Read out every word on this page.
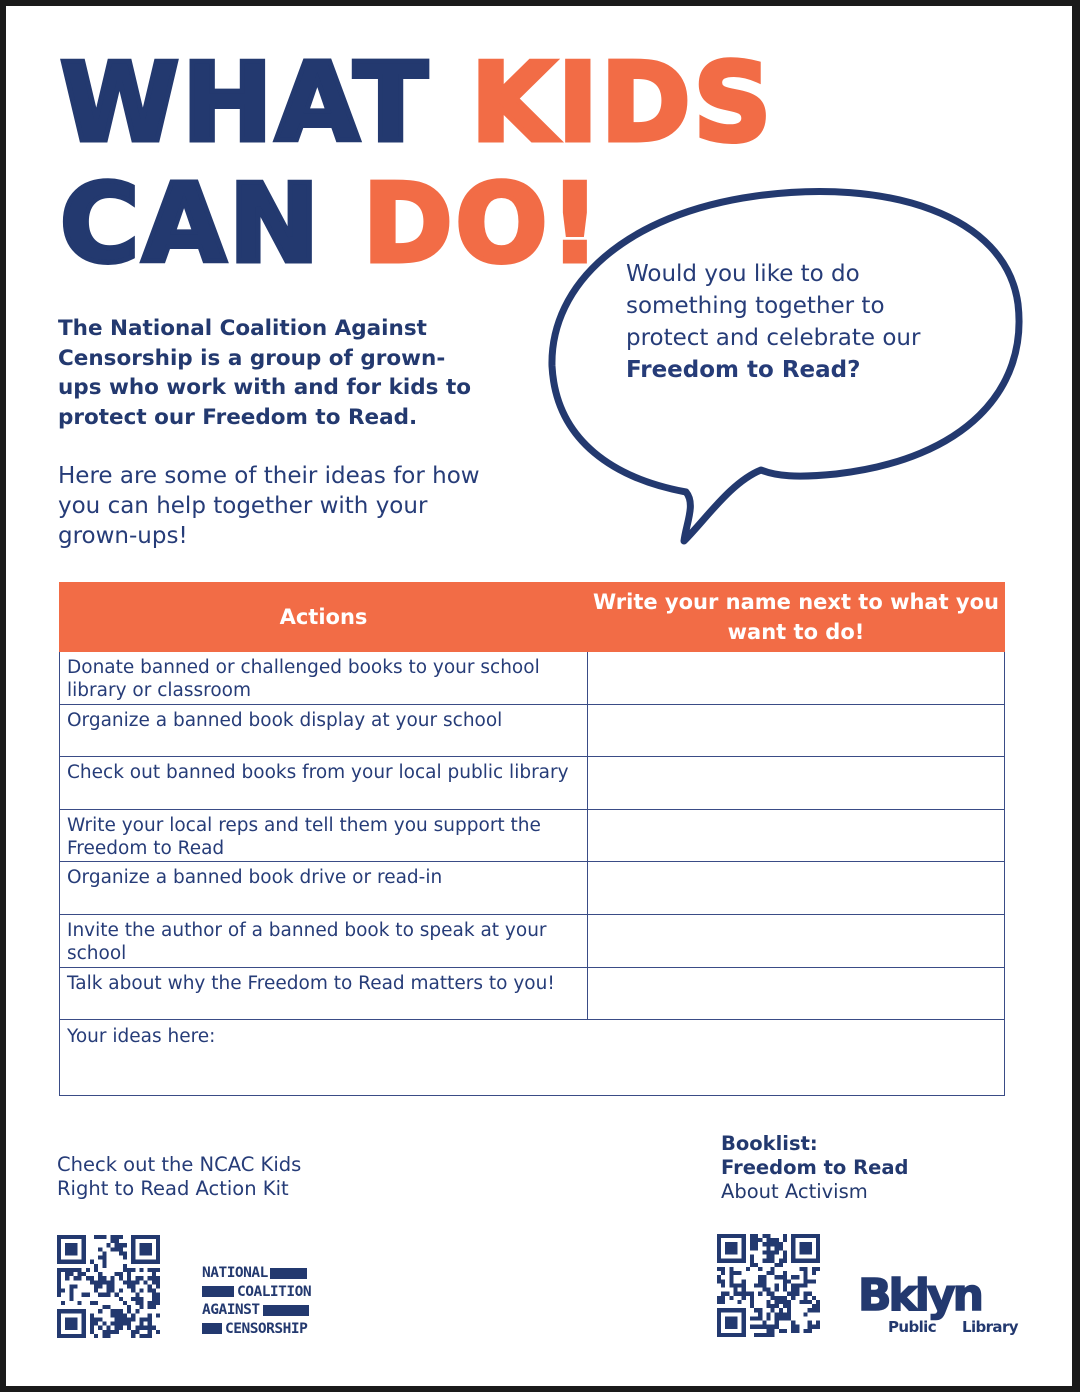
WHAT KIDS
CAN DO!

The National Coalition Against Censorship is a group of grown-ups who work with and for kids to protect our Freedom to Read.

Here are some of their ideas for how you can help together with your grown-ups!

Would you like to do something together to protect and celebrate our
Freedom to Read?
Actions	Write your name next to what you want to do!
Donate banned or challenged books to your school library or classroom	
Organize a banned book display at your school	
Check out banned books from your local public library	
Write your local reps and tell them you support the Freedom to Read	
Organize a banned book drive or read-in	
Invite the author of a banned book to speak at your school	
Talk about why the Freedom to Read matters to you!	
Your ideas here:	

Check out the NCAC Kids Right to Read Action Kit

Booklist:
Freedom to Read
About Activism
NATIONAL
COALITION
AGAINST
CENSORSHIP
Bklyn
Public Library
